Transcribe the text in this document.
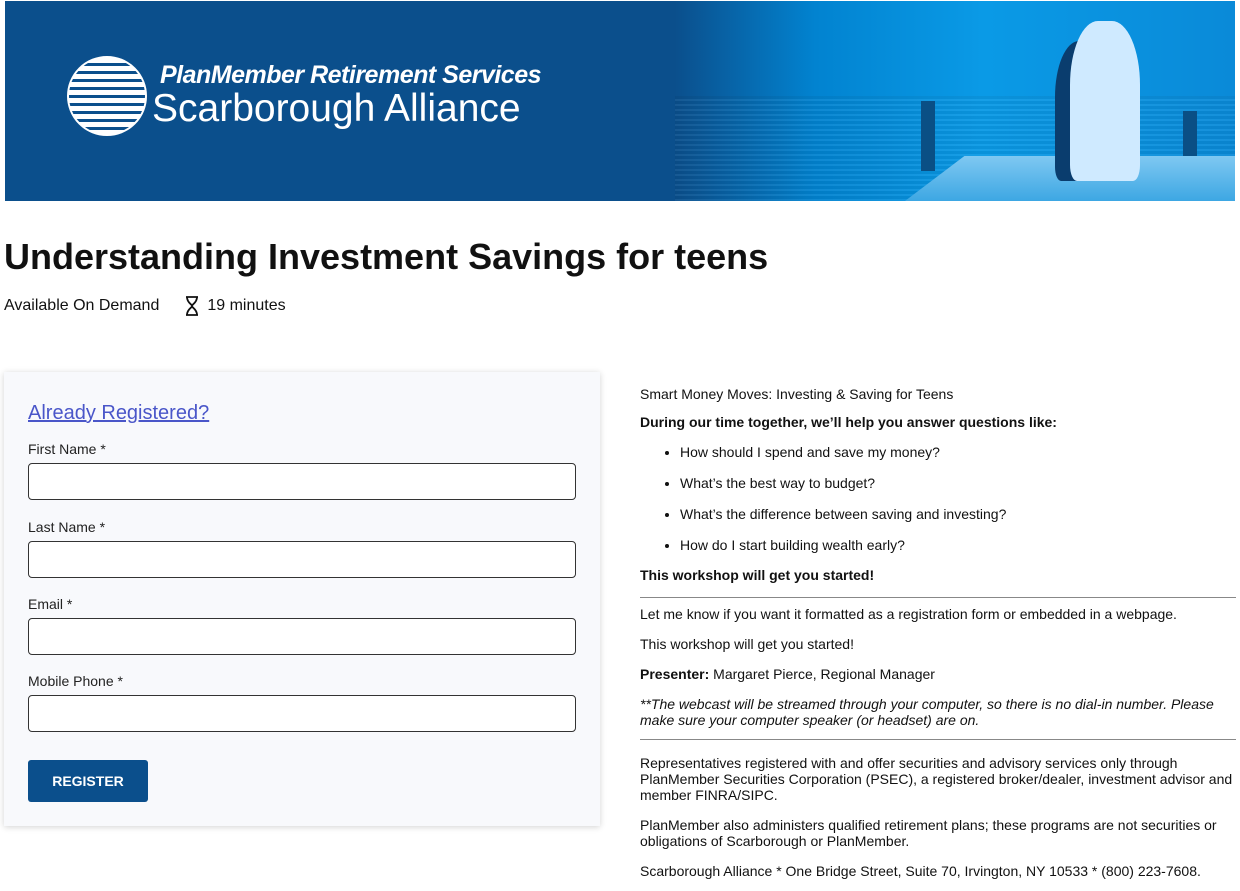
PlanMember Retirement Services
Scarborough Alliance
Understanding Investment Savings for teens
Available On Demand	19 minutes
Already Registered?
First Name *
Last Name *
Email *
Mobile Phone *
REGISTER

Smart Money Moves: Investing & Saving for Teens

During our time together, we’ll help you answer questions like:

• How should I spend and save my money?
• What’s the best way to budget?
• What’s the difference between saving and investing?
• How do I start building wealth early?

This workshop will get you started!

Let me know if you want it formatted as a registration form or embedded in a webpage.

This workshop will get you started!

Presenter: Margaret Pierce, Regional Manager

**The webcast will be streamed through your computer, so there is no dial-in number. Please make sure your computer speaker (or headset) are on.

Representatives registered with and offer securities and advisory services only through PlanMember Securities Corporation (PSEC), a registered broker/dealer, investment advisor and member FINRA/SIPC.

PlanMember also administers qualified retirement plans; these programs are not securities or obligations of Scarborough or PlanMember.

Scarborough Alliance * One Bridge Street, Suite 70, Irvington, NY 10533 * (800) 223-7608.
